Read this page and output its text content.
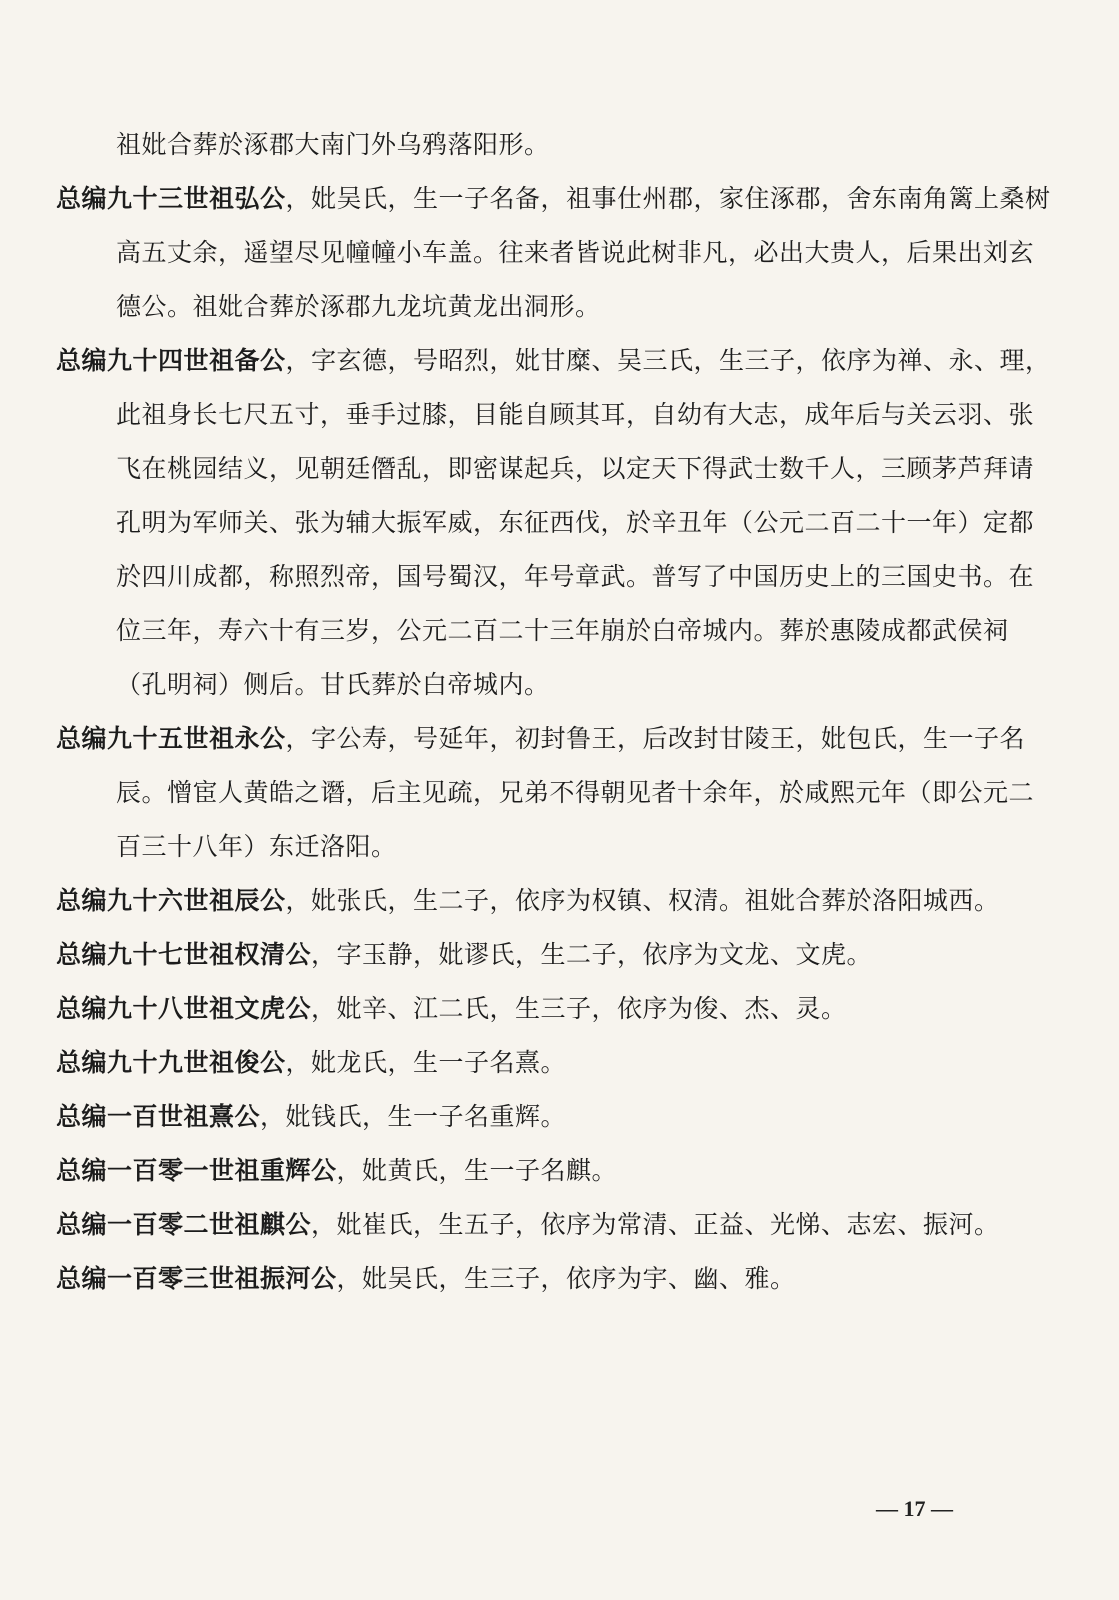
祖妣合葬於涿郡大南门外乌鸦落阳形。

总编九十三世祖弘公，妣吴氏，生一子名备，祖事仕州郡，家住涿郡，舍东南角篱上桑树高五丈余，遥望尽见幢幢小车盖。往来者皆说此树非凡，必出大贵人，后果出刘玄德公。祖妣合葬於涿郡九龙坑黄龙出洞形。

总编九十四世祖备公，字玄德，号昭烈，妣甘糜、吴三氏，生三子，依序为禅、永、理，此祖身长七尺五寸，垂手过膝，目能自顾其耳，自幼有大志，成年后与关云羽、张飞在桃园结义，见朝廷僭乱，即密谋起兵，以定天下得武士数千人，三顾茅芦拜请孔明为军师关、张为辅大振军威，东征西伐，於辛丑年（公元二百二十一年）定都於四川成都，称照烈帝，国号蜀汉，年号章武。普写了中国历史上的三国史书。在位三年，寿六十有三岁，公元二百二十三年崩於白帝城内。葬於惠陵成都武侯祠（孔明祠）侧后。甘氏葬於白帝城内。

总编九十五世祖永公，字公寿，号延年，初封鲁王，后改封甘陵王，妣包氏，生一子名辰。憎宦人黄皓之谮，后主见疏，兄弟不得朝见者十余年，於咸熙元年（即公元二百三十八年）东迁洛阳。

总编九十六世祖辰公，妣张氏，生二子，依序为权镇、权清。祖妣合葬於洛阳城西。

总编九十七世祖权清公，字玉静，妣谬氏，生二子，依序为文龙、文虎。

总编九十八世祖文虎公，妣辛、江二氏，生三子，依序为俊、杰、灵。

总编九十九世祖俊公，妣龙氏，生一子名熹。

总编一百世祖熹公，妣钱氏，生一子名重辉。

总编一百零一世祖重辉公，妣黄氏，生一子名麒。

总编一百零二世祖麒公，妣崔氏，生五子，依序为常清、正益、光悌、志宏、振河。

总编一百零三世祖振河公，妣吴氏，生三子，依序为宇、幽、雅。

— 17 —
